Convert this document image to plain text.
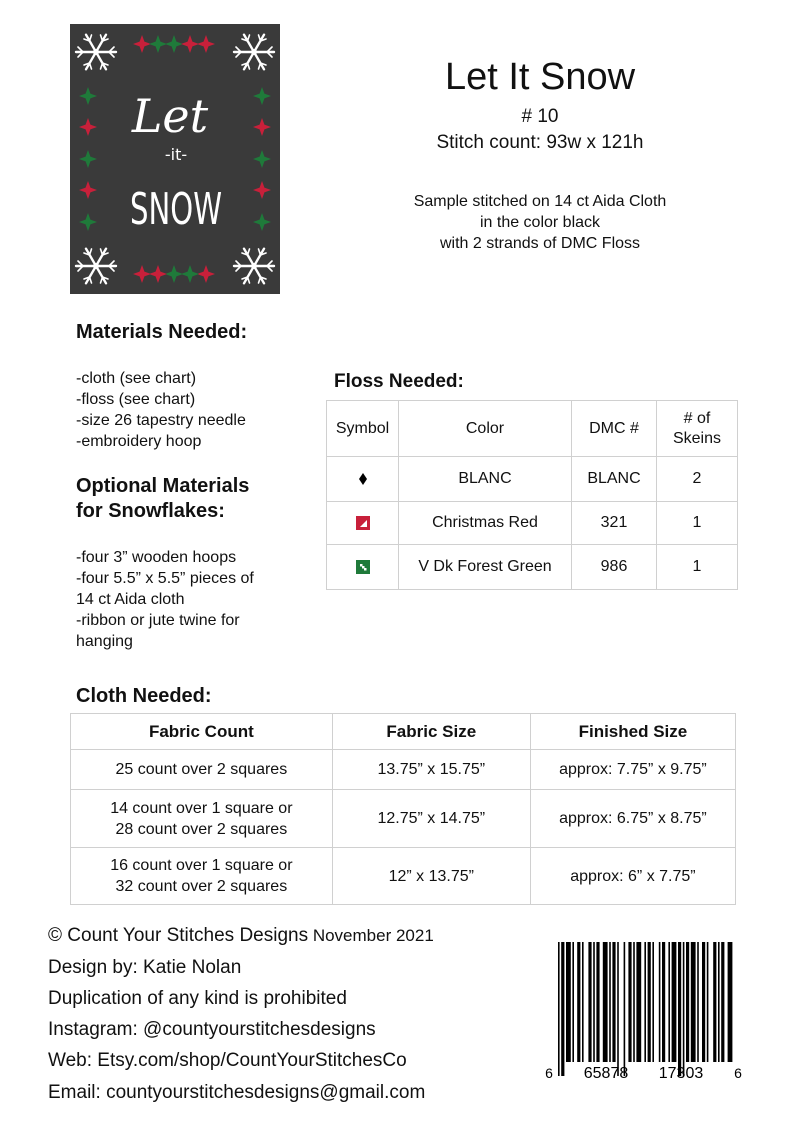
Let
-it-
SNOW
Let It Snow
# 10
Stitch count: 93w x 121h
Sample stitched on 14 ct Aida Cloth
in the color black
with 2 strands of DMC Floss
Materials Needed:
-cloth (see chart)
-floss (see chart)
-size 26 tapestry needle
-embroidery hoop
Optional Materials
for Snowflakes:
-four 3” wooden hoops
-four 5.5” x 5.5” pieces of
14 ct Aida cloth
-ribbon or jute twine for
hanging
Floss Needed:
Symbol	Color	DMC #	# of
Skeins

	BLANC	BLANC	2
	Christmas Red	321	1
	V Dk Forest Green	986	1
Cloth Needed:
Fabric Count	Fabric Size	Finished Size

25 count over 2 squares	13.75” x 15.75”	approx: 7.75” x 9.75”

14 count over 1 square or
28 count over 2 squares	12.75” x 14.75”	approx: 6.75” x 8.75”

16 count over 1 square or
32 count over 2 squares	12” x 13.75”	approx: 6” x 7.75”
© Count Your Stitches Designs November 2021
Design by: Katie Nolan
Duplication of any kind is prohibited
Instagram: @countyourstitchesdesigns
Web: Etsy.com/shop/CountYourStitchesCo
Email: countyourstitchesdesigns@gmail.com
6 65878 17303 6
